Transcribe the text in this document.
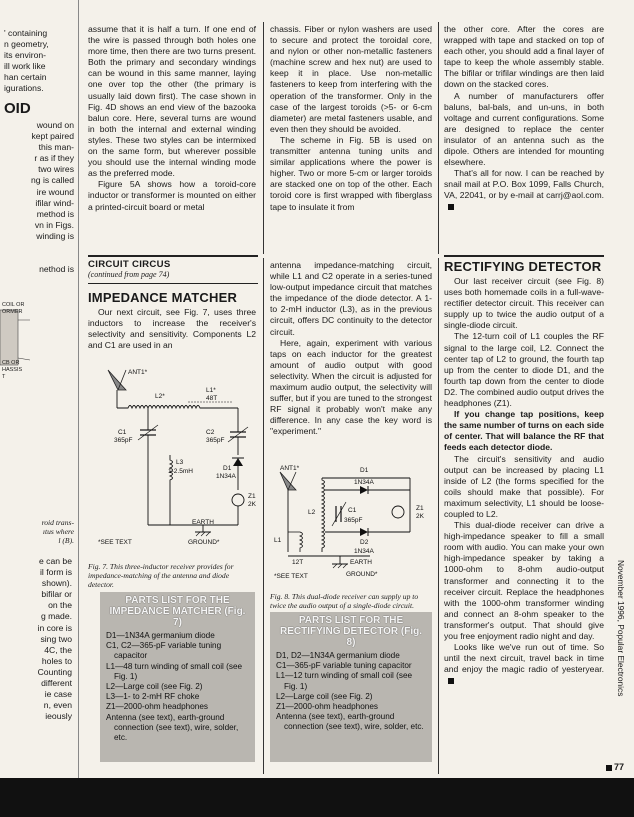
' containing
n geometry,
its environ-
ill work like
han certain
igurations.
OID
wound on
kept paired
this man-
r as if they
two wires
ng is called
ire wound
ifilar wind-
method is
vn in Figs.
winding is
nethod is
COIL OR
ORMER
CB OR
HASSIS
T
roid trans-
ıtus where
l (B).
e can be
il form is
shown).
bifilar or
on the
g made.
in core is
sing two
4C, the
holes to
Counting
different
ie case
n, even
ieously

assume that it is half a turn. If one end of the wire is passed through both holes one more time, then there are two turns present. Both the primary and secondary windings can be wound in this same manner, laying one over top the other (the primary is usually laid down first). The case shown in Fig. 4D shows an end view of the bazooka balun core. Here, several turns are wound in both the internal and external winding styles. These two styles can be intermixed on the same form, but wherever possible you should use the internal winding mode as the preferred mode.

Figure 5A shows how a toroid-core inductor or transformer is mounted on either a printed-circuit board or metal

chassis. Fiber or nylon washers are used to secure and protect the toroidal core, and nylon or other non-metallic fasteners (machine screw and hex nut) are used to keep it in place. Use non-metallic fasteners to keep from interfering with the operation of the transformer. Only in the case of the largest toroids (>5- or 6-cm diameter) are metal fasteners usable, and even then they should be avoided.

The scheme in Fig. 5B is used on transmitter antenna tuning units and similar applications where the power is higher. Two or more 5-cm or larger toroids are stacked one on top of the other. Each toroid core is first wrapped with fiberglass tape to insulate it from

the other core. After the cores are wrapped with tape and stacked on top of each other, you should add a final layer of tape to keep the whole assembly stable. The bifilar or trifilar windings are then laid down on the stacked cores.

A number of manufacturers offer baluns, bal-bals, and un-uns, in both voltage and current configurations. Some are designed to replace the center insulator of an antenna such as the dipole. Others are intended for mounting elsewhere.

That's all for now. I can be reached by snail mail at P.O. Box 1099, Falls Church, VA, 22041, or by e-mail at carrj@aol.com.

CIRCUIT CIRCUS
(continued from page 74)
IMPEDANCE MATCHER

Our next circuit, see Fig. 7, uses three inductors to increase the receiver's selectivity and sensitivity. Components L2 and C1 are used in an

ANT1*
L2*
L1*
48T
C1
365pF
C2
365pF
L3
1-2.5mH	D1
1N34A
Z1
2K
EARTH
GROUND*
*SEE TEXT
Fig. 7. This three-inductor receiver provides for impedance-matching of the antenna and diode detector.
PARTS LIST FOR THE IMPEDANCE MATCHER (Fig. 7)
D1—1N34A germanium diode
C1, C2—365-pF variable tuning capacitor
L1—48 turn winding of small coil (see Fig. 1)
L2—Large coil (see Fig. 2)
L3—1- to 2-mH RF choke
Z1—2000-ohm headphones
Antenna (see text), earth-ground connection (see text), wire, solder, etc.

antenna impedance-matching circuit, while L1 and C2 operate in a series-tuned low-output impedance circuit that matches the impedance of the diode detector. A 1- to 2-mH inductor (L3), as in the previous circuit, offers DC continuity to the detector circuit.

Here, again, experiment with various taps on each inductor for the greatest amount of audio output with good selectivity. When the circuit is adjusted for maximum audio output, the selectivity will suffer, but if you are tuned to the strongest RF signal it probably won't make any difference. In any case the key word is "experiment."

ANT1*
L2
L1
D1
1N34A
C1
365pF
D2
1N34A
Z1
2K
12T	EARTH
GROUND*
*SEE TEXT
Fig. 8. This dual-diode receiver can supply up to twice the audio output of a single-diode circuit.
PARTS LIST FOR THE RECTIFYING DETECTOR (Fig. 8)
D1, D2—1N34A germanium diode
C1—365-pF variable tuning capacitor
L1—12 turn winding of small coil (see Fig. 1)
L2—Large coil (see Fig. 2)
Z1—2000-ohm headphones
Antenna (see text), earth-ground connection (see text), wire, solder, etc.
RECTIFYING DETECTOR

Our last receiver circuit (see Fig. 8) uses both homemade coils in a full-wave-rectifier detector circuit. This receiver can supply up to twice the audio output of a single-diode circuit.

The 12-turn coil of L1 couples the RF signal to the large coil, L2. Connect the center tap of L2 to ground, the fourth tap up from the center to diode D1, and the fourth tap down from the center to diode D2. The combined audio output drives the headphones (Z1).

If you change tap positions, keep the same number of turns on each side of center. That will balance the RF that feeds each detector diode.

The circuit's sensitivity and audio output can be increased by placing L1 inside of L2 (the forms specified for the coils should make that possible). For maximum selectivity, L1 should be loose-coupled to L2.

This dual-diode receiver can drive a high-impedance speaker to fill a small room with audio. You can make your own high-impedance speaker by taking a 1000-ohm to 8-ohm audio-output transformer and connecting it to the receiver circuit. Replace the headphones with the 1000-ohm transformer winding and connect an 8-ohm speaker to the transformer's output. That should give you free enjoyment radio night and day.

Looks like we've run out of time. So until the next circuit, travel back in time and enjoy the magic radio of yesteryear. November 1996, Popular Electronics
77
